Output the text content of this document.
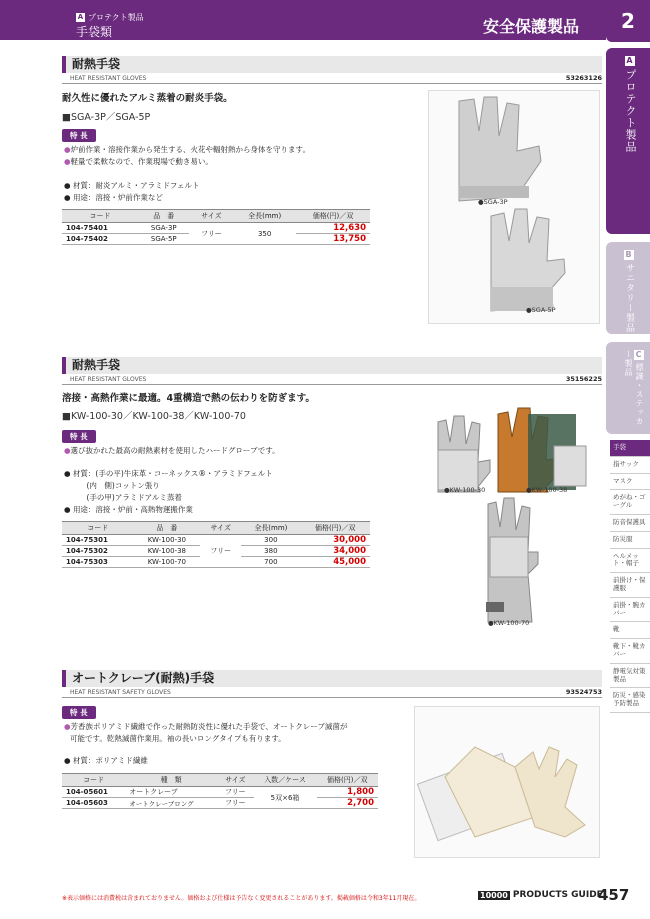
A プロテクト製品
手袋類	安全保護製品	2
Aプロテクト製品
Bサニタリー製品
C標識・ステッカー製品
手袋
指サック
マスク
めがね・ゴーグル
防音保護具
防災服
ヘルメット・帽子
前掛け・保護服
前掛・腕カバー
靴
靴下・靴カバー
静電気対策製品
防災・感染予防製品
耐熱手袋
HEAT RESISTANT GLOVES	53263126
耐久性に優れたアルミ蒸着の耐炎手袋。
■SGA-3P／SGA-5P
特 長
●炉前作業・溶接作業から発生する、火花や輻射熱から身体を守ります。
●軽量で柔軟なので、作業現場で動き易い。
● 材質：耐炎アルミ・アラミドフェルト
● 用途：溶接・炉前作業など
コード	品　番	サイズ	全長(mm)	価格(円)／双
104-75401	SGA-3P	フリー	350	12,630
104-75402	SGA-5P			13,750
●SGA-3P
●SGA-5P
耐熱手袋
HEAT RESISTANT GLOVES	35156225
溶接・高熱作業に最適。4重構造で熱の伝わりを防ぎます。
■KW-100-30／KW-100-38／KW-100-70
特 長
●選び抜かれた最高の耐熱素材を使用したハードグローブです。
● 材質：(手の平)牛床革・コーネックス®・アラミドフェルト
　　　(内　側)コットン張り
　　　(手の甲)アラミドアルミ蒸着
● 用途：溶接・炉前・高熱物運搬作業
コード	品　番	サイズ	全長(mm)	価格(円)／双
104-75301	KW-100-30	フリー	300	30,000
104-75302	KW-100-38		380	34,000
104-75303	KW-100-70		700	45,000
●KW-100-30	●KW-100-38
●KW-100-70
オートクレーブ(耐熱)手袋
HEAT RESISTANT SAFETY GLOVES	93524753
特 長
●芳香族ポリアミド繊維で作った耐熱防炎性に優れた手袋で、オートクレーブ滅菌が
可能です。乾熱滅菌作業用。袖の長いロングタイプも有ります。
● 材質：ポリアミド繊維
コード	種　類	サイズ	入数／ケース	価格(円)／双
104-05601	オートクレーブ	フリー	5双×6箱	1,800
104-05603	オートクレーブロング	フリー		2,700
※表示価格には消費税は含まれておりません。価格および仕様は予告なく変更されることがあります。掲載価格は令和3年11月現在。	10000 PRODUCTS GUIDE
457
